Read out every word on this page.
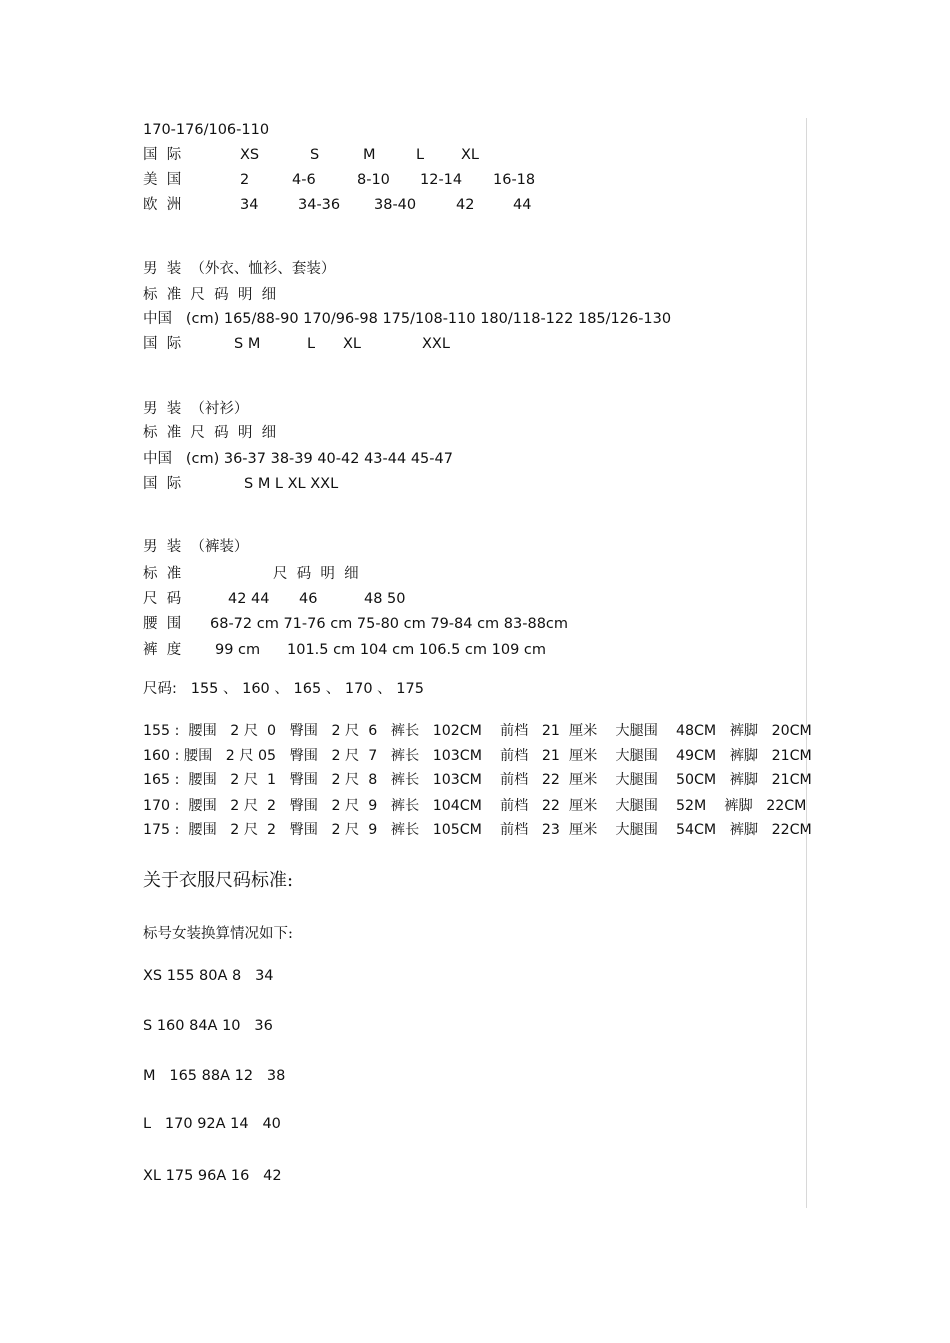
170-176/106-110
国  际	XS	S	M	L	XL
美  国	2	4-6	8-10 12-14 16-18
欧  洲	34	34-36 38-40	42	44
男  装  （外衣、恤衫、套装）
标  准  尺  码  明  细
中国   (cm) 165/88-90 170/96-98 175/108-110 180/118-122 185/126-130
国  际	S M	L XL	XXL
男  装  （衬衫）
标  准  尺  码  明  细
中国   (cm) 36-37 38-39 40-42 43-44 45-47
国  际	S M L XL XXL
男  装  （裤装）
标  准	尺  码  明  细
尺  码	42 44 46	48 50
腰  围 68-72 cm 71-76 cm 75-80 cm 79-84 cm 83-88cm
裤  度 99 cm 101.5 cm 104 cm 106.5 cm 109 cm
尺码:   155 、 160 、 165 、 170 、 175
155 :  腰围   2 尺  0   臀围   2 尺  6   裤长   102CM    前档   21  厘米    大腿围    48CM   裤脚   20CM
160 : 腰围   2 尺 05   臀围   2 尺  7   裤长   103CM    前档   21  厘米    大腿围    49CM   裤脚   21CM
165 :  腰围   2 尺  1   臀围   2 尺  8   裤长   103CM    前档   22  厘米    大腿围    50CM   裤脚   21CM
170 :  腰围   2 尺  2   臀围   2 尺  9   裤长   104CM    前档   22  厘米    大腿围    52M    裤脚   22CM
175 :  腰围   2 尺  2   臀围   2 尺  9   裤长   105CM    前档   23  厘米    大腿围    54CM   裤脚   22CM
关于衣服尺码标准:
标号女装换算情况如下:
XS 155 80A 8   34
S 160 84A 10   36
M   165 88A 12   38
L   170 92A 14   40
XL 175 96A 16   42
